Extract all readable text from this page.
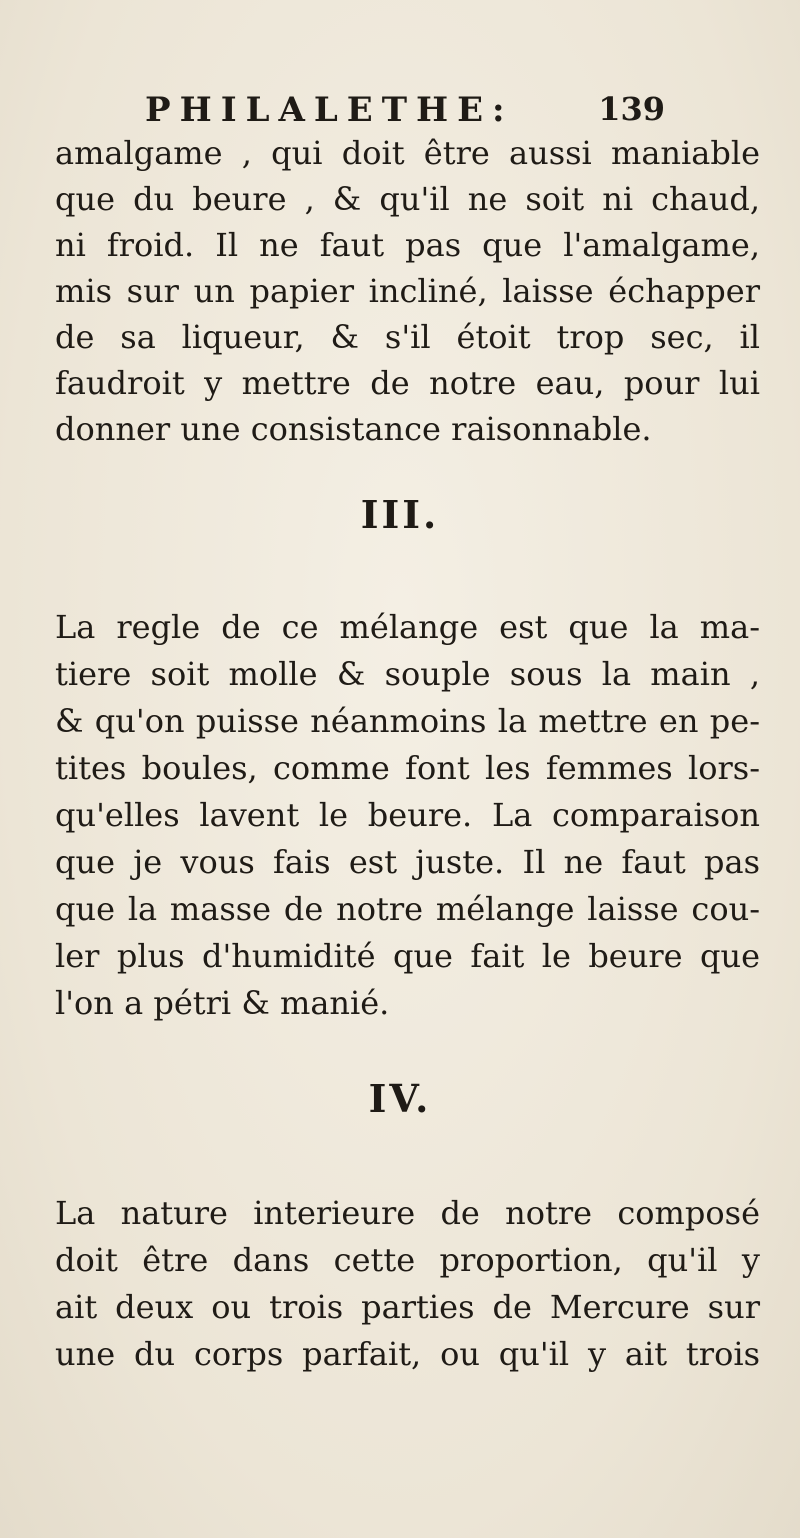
PHILALETHE:	139
amalgame , qui doit être aussi maniable
que du beure , & qu'il ne soit ni chaud,
ni froid. Il ne faut pas que l'amalgame,
mis sur un papier incliné, laisse échapper
de sa liqueur, & s'il étoit trop sec, il
faudroit y mettre de notre eau, pour lui
donner une consistance raisonnable.
III.
La regle de ce mélange est que la ma-
tiere soit molle & souple sous la main ,
& qu'on puisse néanmoins la mettre en pe-
tites boules, comme font les femmes lors-
qu'elles lavent le beure. La comparaison
que je vous fais est juste. Il ne faut pas
que la masse de notre mélange laisse cou-
ler plus d'humidité que fait le beure que
l'on a pétri & manié.
IV.
La nature interieure de notre composé
doit être dans cette proportion, qu'il y
ait deux ou trois parties de Mercure sur
une du corps parfait, ou qu'il y ait trois
